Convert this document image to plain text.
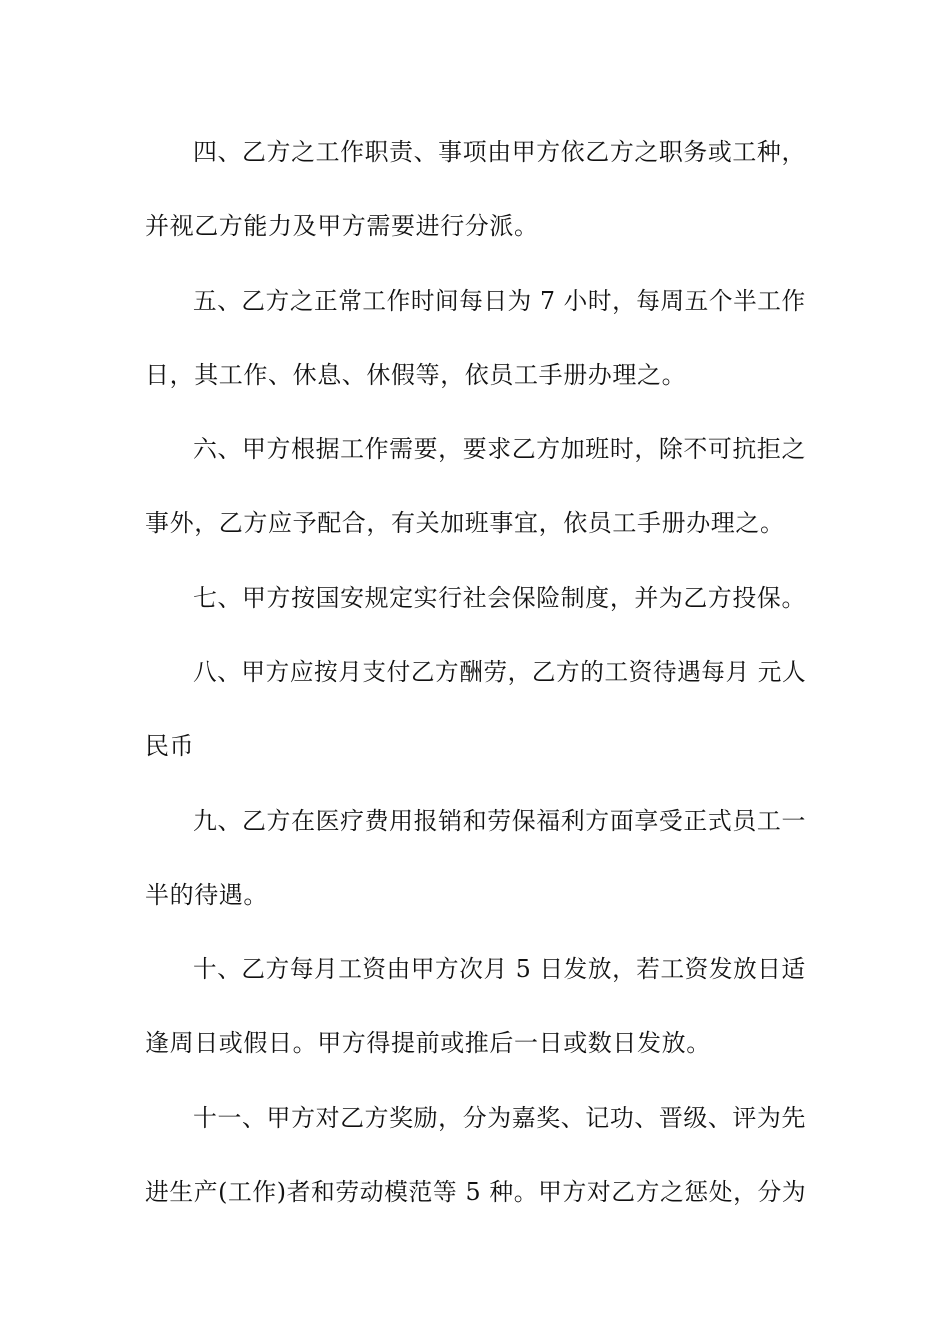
四、乙方之工作职责、事项由甲方依乙方之职务或工种，
并视乙方能力及甲方需要进行分派。
五、乙方之正常工作时间每日为 7 小时，每周五个半工作
日，其工作、休息、休假等，依员工手册办理之。
六、甲方根据工作需要，要求乙方加班时，除不可抗拒之
事外，乙方应予配合，有关加班事宜，依员工手册办理之。
七、甲方按国安规定实行社会保险制度，并为乙方投保。
八、甲方应按月支付乙方酬劳，乙方的工资待遇每月 元人
民币
九、乙方在医疗费用报销和劳保福利方面享受正式员工一
半的待遇。
十、乙方每月工资由甲方次月 5 日发放，若工资发放日适
逢周日或假日。甲方得提前或推后一日或数日发放。
十一、甲方对乙方奖励，分为嘉奖、记功、晋级、评为先
进生产(工作)者和劳动模范等 5 种。甲方对乙方之惩处，分为
